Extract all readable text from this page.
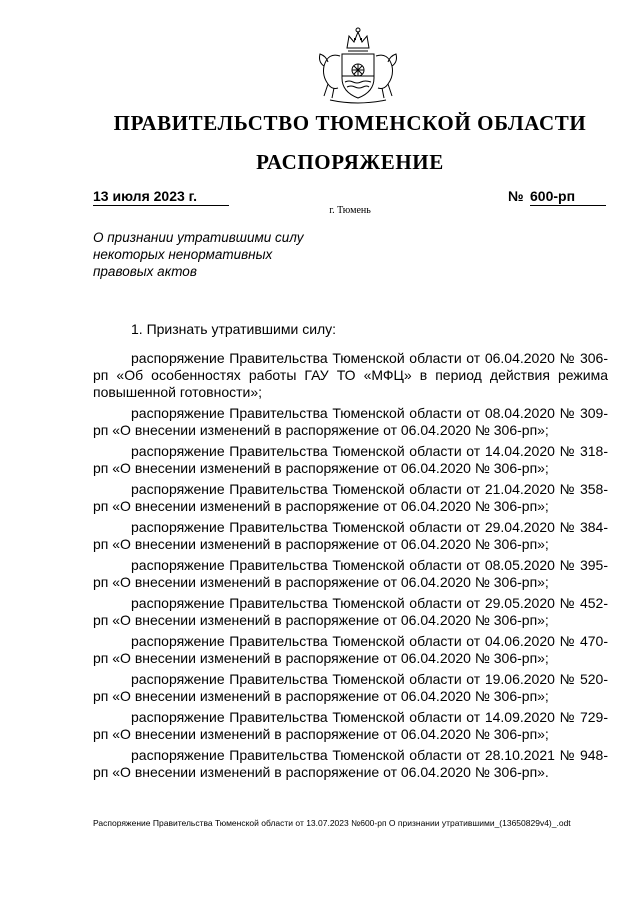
ПРАВИТЕЛЬСТВО ТЮМЕНСКОЙ ОБЛАСТИ
РАСПОРЯЖЕНИЕ
13 июля 2023 г.	№ 600-рп
г. Тюмень
О признании утратившими силу
некоторых ненормативных
правовых актов
1. Признать утратившими силу:
распоряжение Правительства Тюменской области от 06.04.2020 № 306-рп «Об особенностях работы ГАУ ТО «МФЦ» в период действия режима повышенной готовности»;
распоряжение Правительства Тюменской области от 08.04.2020 № 309-рп «О внесении изменений в распоряжение от 06.04.2020 № 306-рп»;
распоряжение Правительства Тюменской области от 14.04.2020 № 318-рп «О внесении изменений в распоряжение от 06.04.2020 № 306-рп»;
распоряжение Правительства Тюменской области от 21.04.2020 № 358-рп «О внесении изменений в распоряжение от 06.04.2020 № 306-рп»;
распоряжение Правительства Тюменской области от 29.04.2020 № 384-рп «О внесении изменений в распоряжение от 06.04.2020 № 306-рп»;
распоряжение Правительства Тюменской области от 08.05.2020 № 395-рп «О внесении изменений в распоряжение от 06.04.2020 № 306-рп»;
распоряжение Правительства Тюменской области от 29.05.2020 № 452-рп «О внесении изменений в распоряжение от 06.04.2020 № 306-рп»;
распоряжение Правительства Тюменской области от 04.06.2020 № 470-рп «О внесении изменений в распоряжение от 06.04.2020 № 306-рп»;
распоряжение Правительства Тюменской области от 19.06.2020 № 520-рп «О внесении изменений в распоряжение от 06.04.2020 № 306-рп»;
распоряжение Правительства Тюменской области от 14.09.2020 № 729-рп «О внесении изменений в распоряжение от 06.04.2020 № 306-рп»;
распоряжение Правительства Тюменской области от 28.10.2021 № 948-рп «О внесении изменений в распоряжение от 06.04.2020 № 306-рп».
Распоряжение Правительства Тюменской области от 13.07.2023 №600-рп О признании утратившими_(13650829v4)_.odt
